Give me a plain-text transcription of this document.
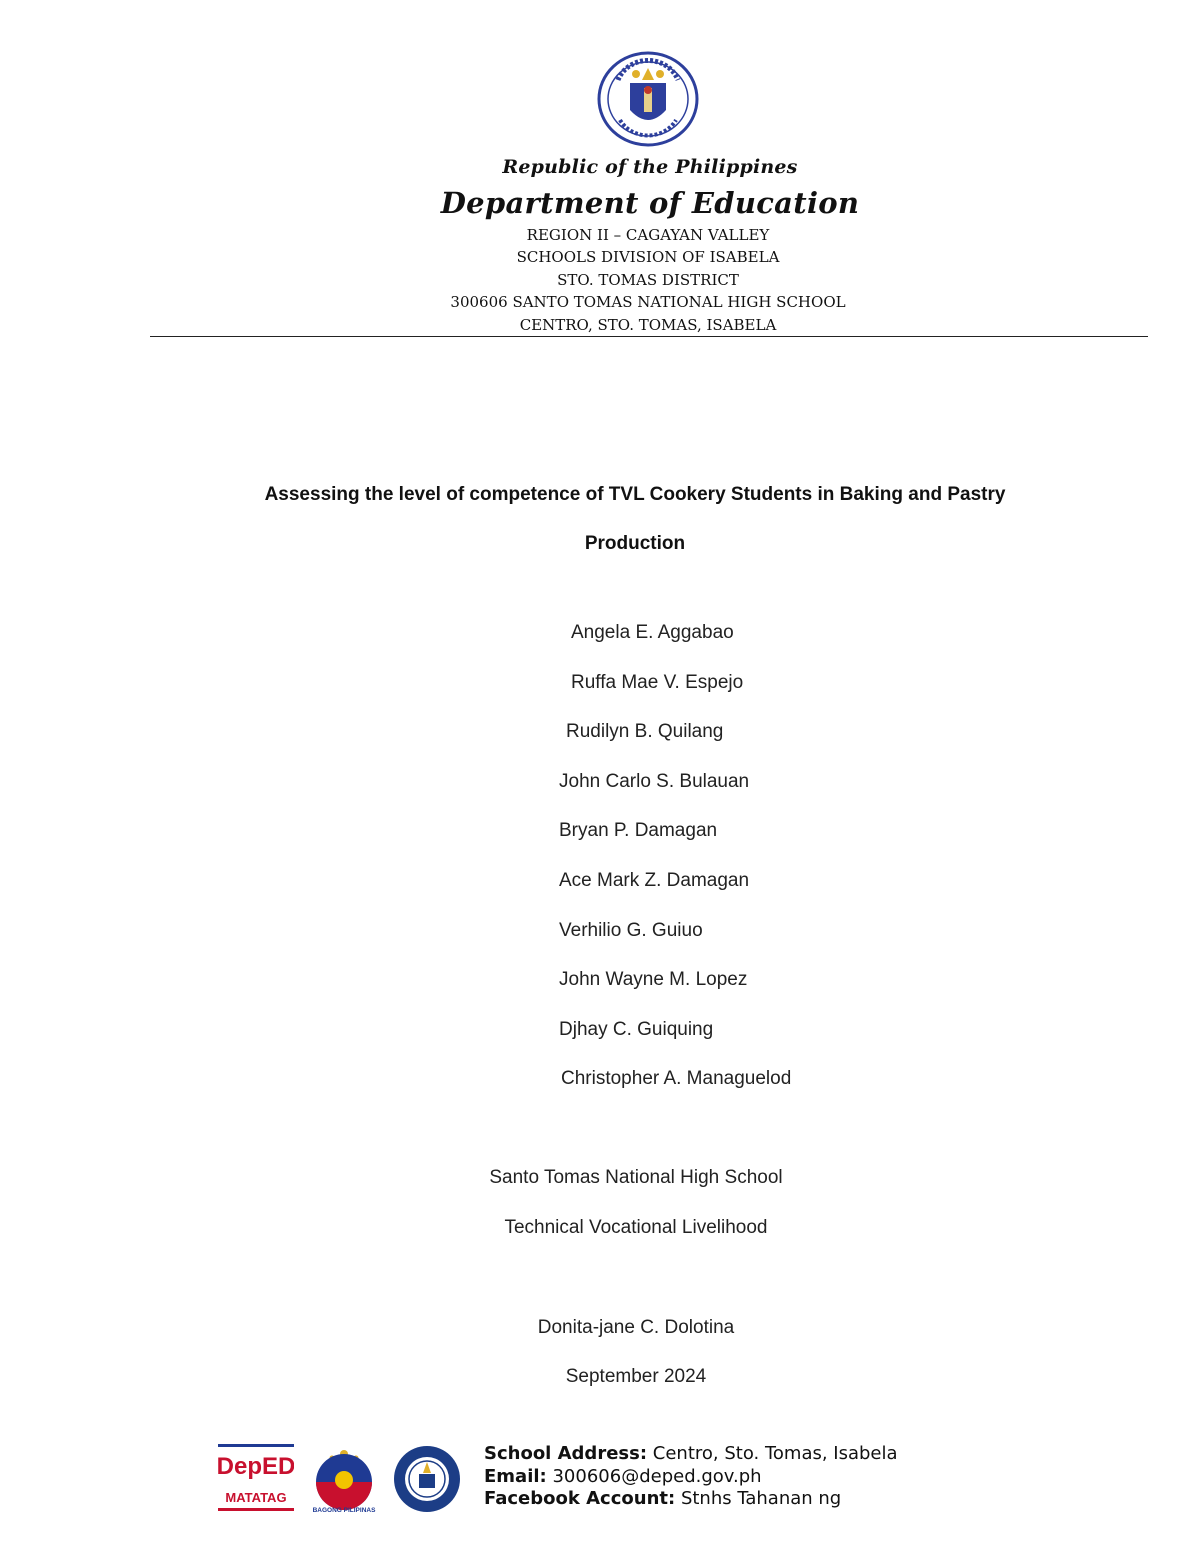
Republic of the Philippines
Department of Education
REGION II – CAGAYAN VALLEY
SCHOOLS DIVISION OF ISABELA
STO. TOMAS DISTRICT
300606 SANTO TOMAS NATIONAL HIGH SCHOOL
CENTRO, STO. TOMAS, ISABELA
Assessing the level of competence of TVL Cookery Students in Baking and Pastry
Production
Angela E. Aggabao
Ruffa Mae V. Espejo
Rudilyn B. Quilang
John Carlo S. Bulauan
Bryan P. Damagan
Ace Mark Z. Damagan
Verhilio G. Guiuo
John Wayne M. Lopez
Djhay C. Guiquing
Christopher A. Managuelod
Santo Tomas National High School
Technical Vocational Livelihood
Donita-jane C. Dolotina
September 2024
DepED
MATATAG
BAGONG PILIPINAS
School Address: Centro, Sto. Tomas, Isabela
Email: 300606@deped.gov.ph
Facebook Account: Stnhs Tahanan ng
